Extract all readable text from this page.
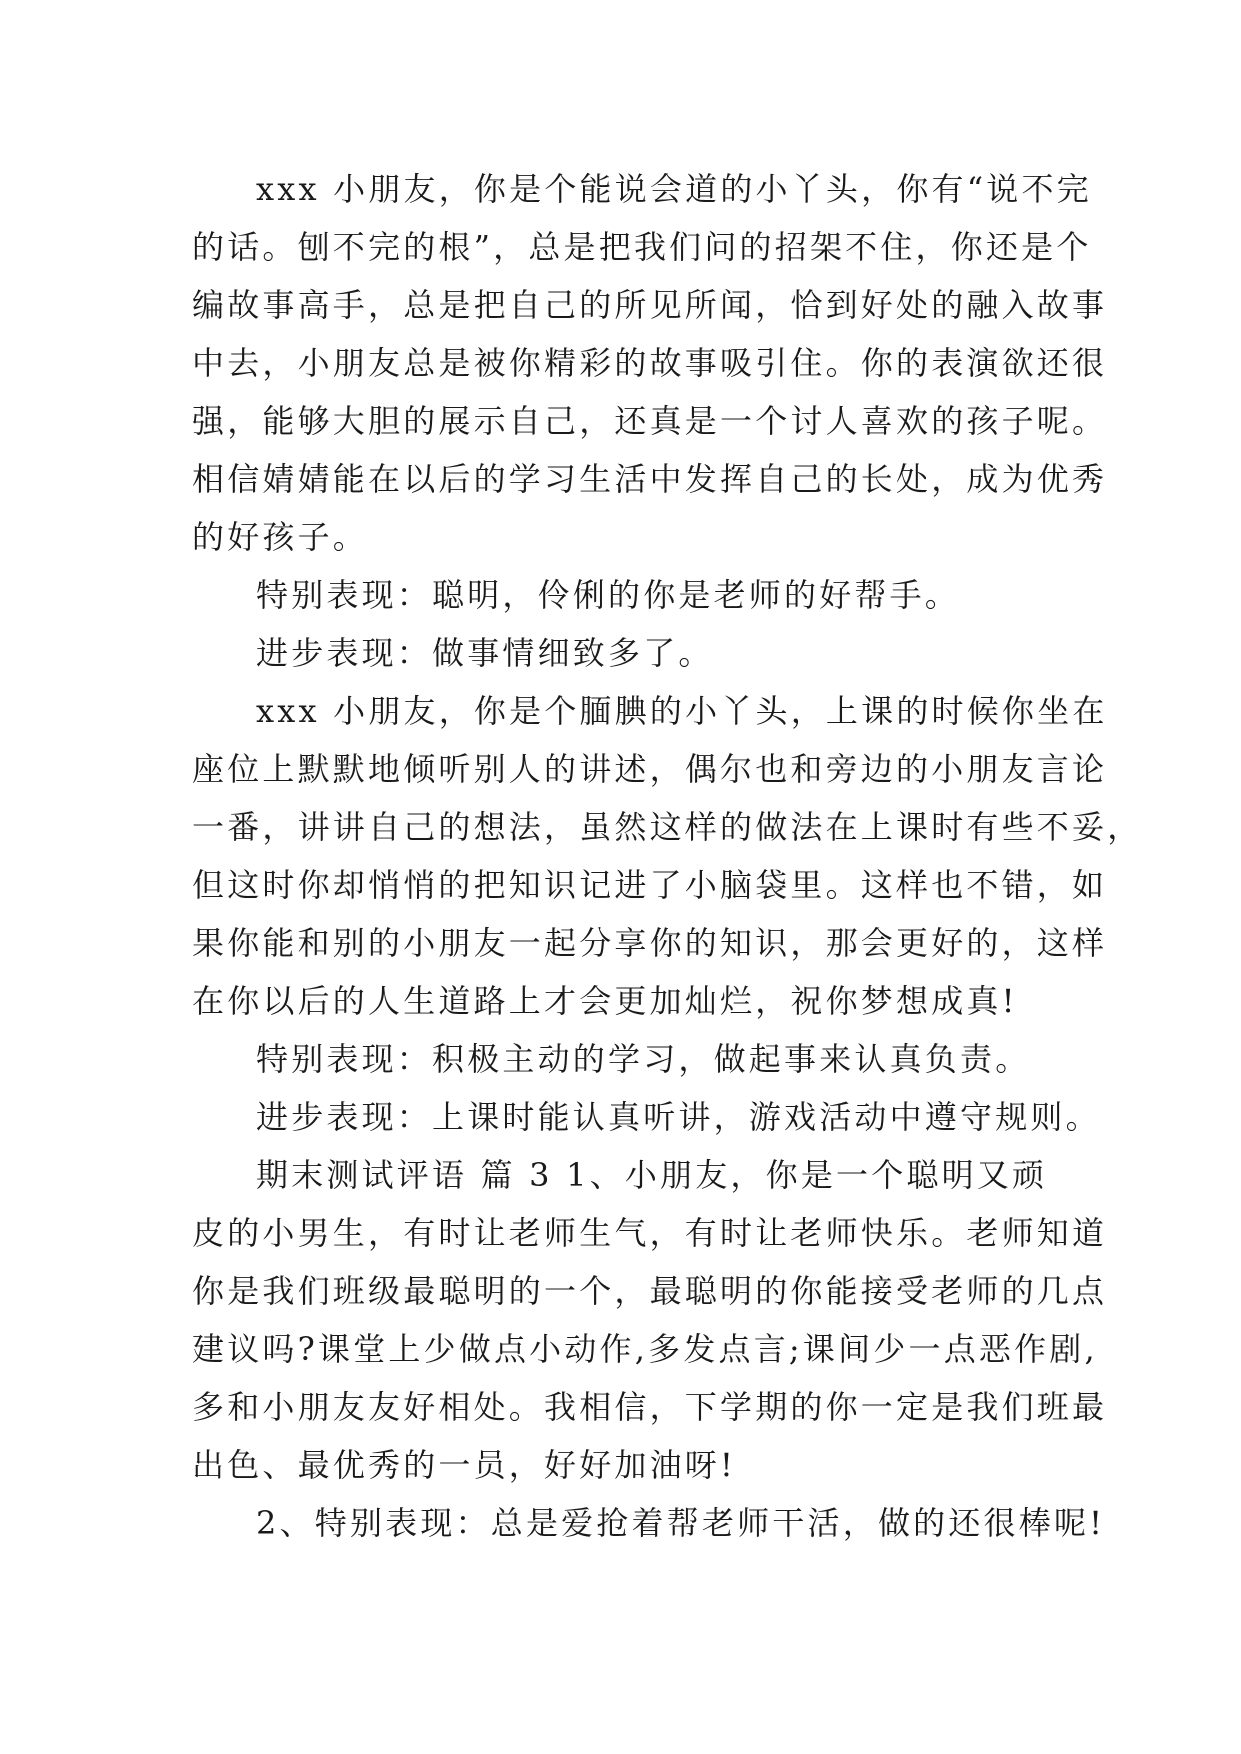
xxx 小朋友，你是个能说会道的小丫头，你有“说不完
的话。刨不完的根”，总是把我们问的招架不住，你还是个
编故事高手，总是把自己的所见所闻，恰到好处的融入故事
中去，小朋友总是被你精彩的故事吸引住。你的表演欲还很
强，能够大胆的展示自己，还真是一个讨人喜欢的孩子呢。
相信婧婧能在以后的学习生活中发挥自己的长处，成为优秀
的好孩子。
特别表现：聪明，伶俐的你是老师的好帮手。
进步表现：做事情细致多了。
xxx 小朋友，你是个腼腆的小丫头，上课的时候你坐在
座位上默默地倾听别人的讲述，偶尔也和旁边的小朋友言论
一番，讲讲自己的想法，虽然这样的做法在上课时有些不妥，
但这时你却悄悄的把知识记进了小脑袋里。这样也不错，如
果你能和别的小朋友一起分享你的知识，那会更好的，这样
在你以后的人生道路上才会更加灿烂，祝你梦想成真!
特别表现：积极主动的学习，做起事来认真负责。
进步表现：上课时能认真听讲，游戏活动中遵守规则。
期末测试评语 篇 3 1、小朋友，你是一个聪明又顽
皮的小男生，有时让老师生气，有时让老师快乐。老师知道
你是我们班级最聪明的一个，最聪明的你能接受老师的几点
建议吗?课堂上少做点小动作,多发点言;课间少一点恶作剧,
多和小朋友友好相处。我相信，下学期的你一定是我们班最
出色、最优秀的一员，好好加油呀!
2、特别表现：总是爱抢着帮老师干活，做的还很棒呢!
